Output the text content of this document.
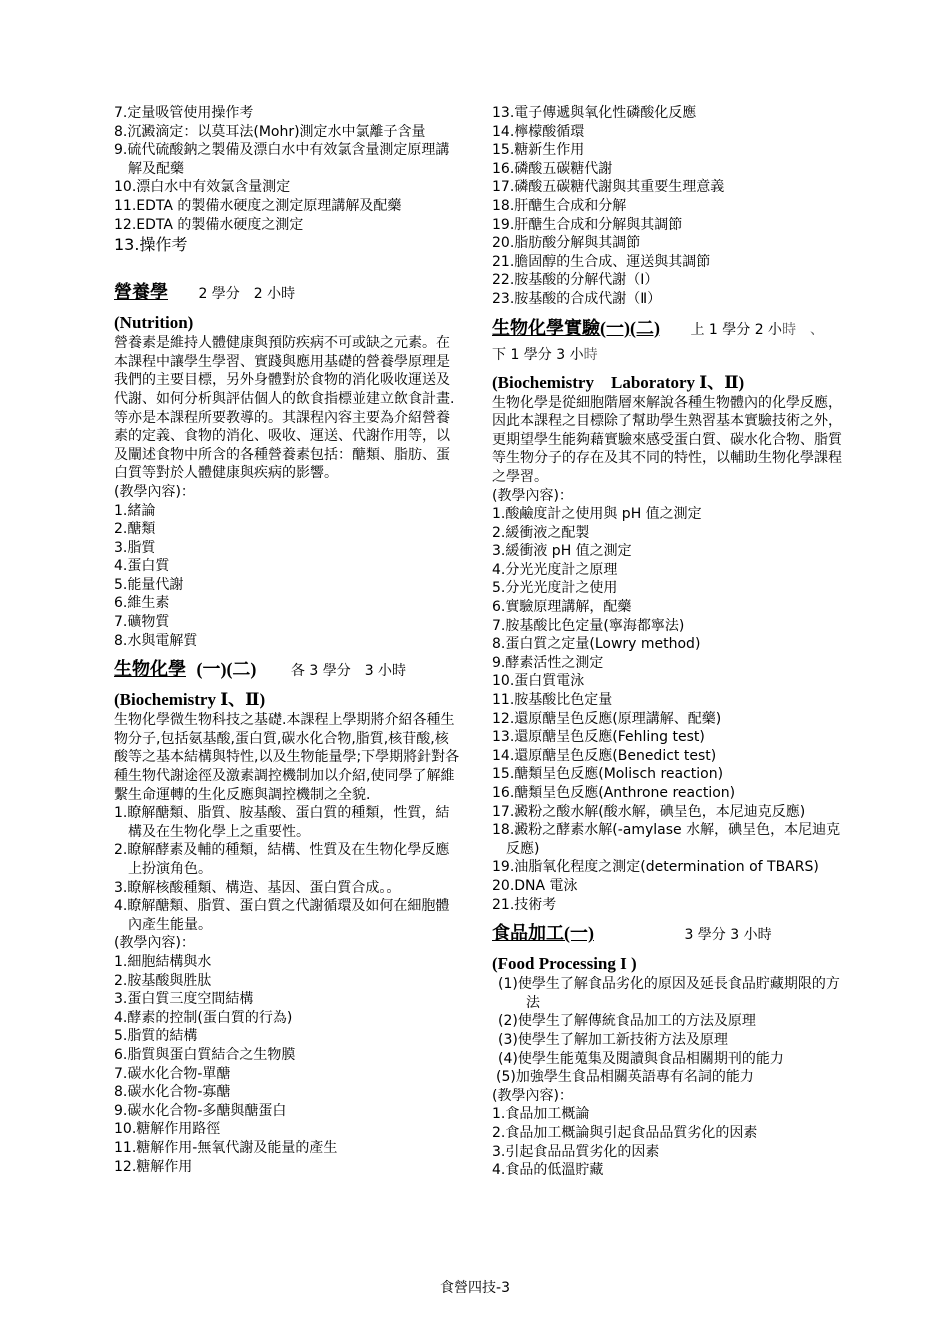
7.定量吸管使用操作考
8.沉澱滴定：以莫耳法(Mohr)測定水中氯離子含量
9.硫代硫酸鈉之製備及漂白水中有效氯含量測定原理講解及配藥
10.漂白水中有效氯含量測定
11.EDTA 的製備水硬度之測定原理講解及配藥
12.EDTA 的製備水硬度之測定
13.操作考
營養學 2 學分　2 小時
(Nutrition)
營養素是維持人體健康與預防疾病不可或缺之元素。在本課程中讓學生學習、實踐與應用基礎的營養學原理是我們的主要目標，另外身體對於食物的消化吸收運送及代謝、如何分析與評估個人的飲食指標並建立飲食計畫.等亦是本課程所要教導的。其課程內容主要為介紹營養素的定義、食物的消化、吸收、運送、代謝作用等，以及闡述食物中所含的各種營養素包括：醣類、脂肪、蛋白質等對於人體健康與疾病的影響。
(教學內容)：
1.緒論
2.醣類
3.脂質
4.蛋白質
5.能量代謝
6.維生素
7.礦物質
8.水與電解質
生物化學 (一)(二) 各 3 學分　3 小時
(Biochemistry Ⅰ、Ⅱ)
生物化學微生物科技之基礎.本課程上學期將介紹各種生物分子,包括氨基酸,蛋白質,碳水化合物,脂質,核苷酸,核酸等之基本結構與特性,以及生物能量學;下學期將針對各種生物代謝途徑及激素調控機制加以介紹,使同學了解維繫生命運轉的生化反應與調控機制之全貌.
1.瞭解醣類、脂質、胺基酸、蛋白質的種類，性質，結構及在生物化學上之重要性。
2.瞭解酵素及輔的種類，結構、性質及在生物化學反應上扮演角色。
3.瞭解核酸種類、構造、基因、蛋白質合成。。
4.瞭解醣類、脂質、蛋白質之代謝循環及如何在細胞體內產生能量。
(教學內容)：
1.細胞結構與水
2.胺基酸與胜肽
3.蛋白質三度空間結構
4.酵素的控制(蛋白質的行為)
5.脂質的結構
6.脂質與蛋白質結合之生物膜
7.碳水化合物-單醣
8.碳水化合物-寡醣
9.碳水化合物-多醣與醣蛋白
10.糖解作用路徑
11.糖解作用-無氧代謝及能量的產生
12.糖解作用
13.電子傳遞與氧化性磷酸化反應
14.檸檬酸循環
15.糖新生作用
16.磷酸五碳糖代謝
17.磷酸五碳糖代謝與其重要生理意義
18.肝醣生合成和分解
19.肝醣生合成和分解與其調節
20.脂肪酸分解與其調節
21.膽固醇的生合成、運送與其調節
22.胺基酸的分解代謝（I）
23.胺基酸的合成代謝（Ⅱ）
生物化學實驗(一)(二) 上 1 學分 2 小時　、
下 1 學分 3 小時
(Biochemistry　Laboratory Ⅰ、Ⅱ)
生物化學是從細胞階層來解說各種生物體內的化學反應，因此本課程之目標除了幫助學生熟習基本實驗技術之外，更期望學生能夠藉實驗來感受蛋白質、碳水化合物、脂質等生物分子的存在及其不同的特性，以輔助生物化學課程之學習。
(教學內容)：
1.酸鹼度計之使用與 pH 值之測定
2.緩衝液之配製
3.緩衝液 pH 值之測定
4.分光光度計之原理
5.分光光度計之使用
6.實驗原理講解，配藥
7.胺基酸比色定量(寧海都寧法)
8.蛋白質之定量(Lowry method)
9.酵素活性之測定
10.蛋白質電泳
11.胺基酸比色定量
12.還原醣呈色反應(原理講解、配藥)
13.還原醣呈色反應(Fehling test)
14.還原醣呈色反應(Benedict test)
15.醣類呈色反應(Molisch reaction)
16.醣類呈色反應(Anthrone reaction)
17.澱粉之酸水解(酸水解，碘呈色，本尼迪克反應)
18.澱粉之酵素水解(-amylase 水解，碘呈色，本尼迪克反應)
19.油脂氧化程度之測定(determination of TBARS)
20.DNA 電泳
21.技術考
食品加工(一)	3 學分 3 小時
(Food Processing I )
(1)使學生了解食品劣化的原因及延長食品貯藏期限的方法
(2)使學生了解傳統食品加工的方法及原理
(3)使學生了解加工新技術方法及原理
(4)使學生能蒐集及閱讀與食品相關期刊的能力
(5)加強學生食品相關英語專有名詞的能力
(教學內容)：
1.食品加工概論
2.食品加工概論與引起食品品質劣化的因素
3.引起食品品質劣化的因素
4.食品的低溫貯藏
食營四技-3
